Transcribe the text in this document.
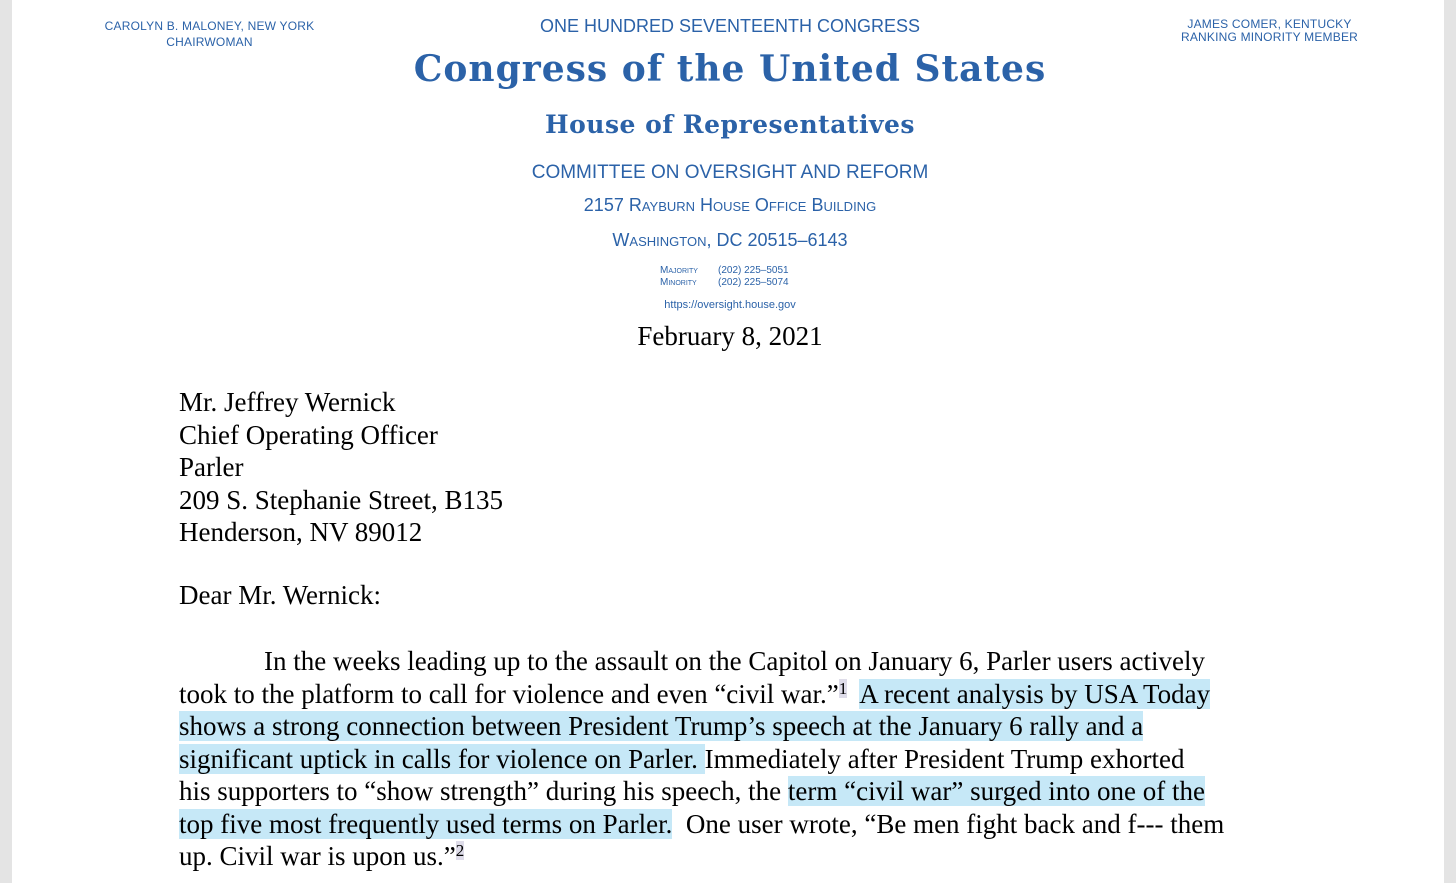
CAROLYN B. MALONEY, NEW YORK
CHAIRWOMAN
JAMES COMER, KENTUCKY
RANKING MINORITY MEMBER
ONE HUNDRED SEVENTEENTH CONGRESS
Congress of the United States
House of Representatives
COMMITTEE ON OVERSIGHT AND REFORM
2157 Rayburn House Office Building
Washington, DC 20515–6143
Majority (202) 225–5051
Minority (202) 225–5074
https://oversight.house.gov
February 8, 2021
Mr. Jeffrey Wernick
Chief Operating Officer
Parler
209 S. Stephanie Street, B135
Henderson, NV 89012
Dear Mr. Wernick:
In the weeks leading up to the assault on the Capitol on January 6, Parler users actively
took to the platform to call for violence and even “civil war.”$^1$ A recent analysis by USA Today
shows a strong connection between President Trump’s speech at the January 6 rally and a
significant uptick in calls for violence on Parler. Immediately after President Trump exhorted
his supporters to “show strength” during his speech, the term “civil war” surged into one of the
top five most frequently used terms on Parler. One user wrote, “Be men fight back and f--- them
up. Civil war is upon us.”$^2$
